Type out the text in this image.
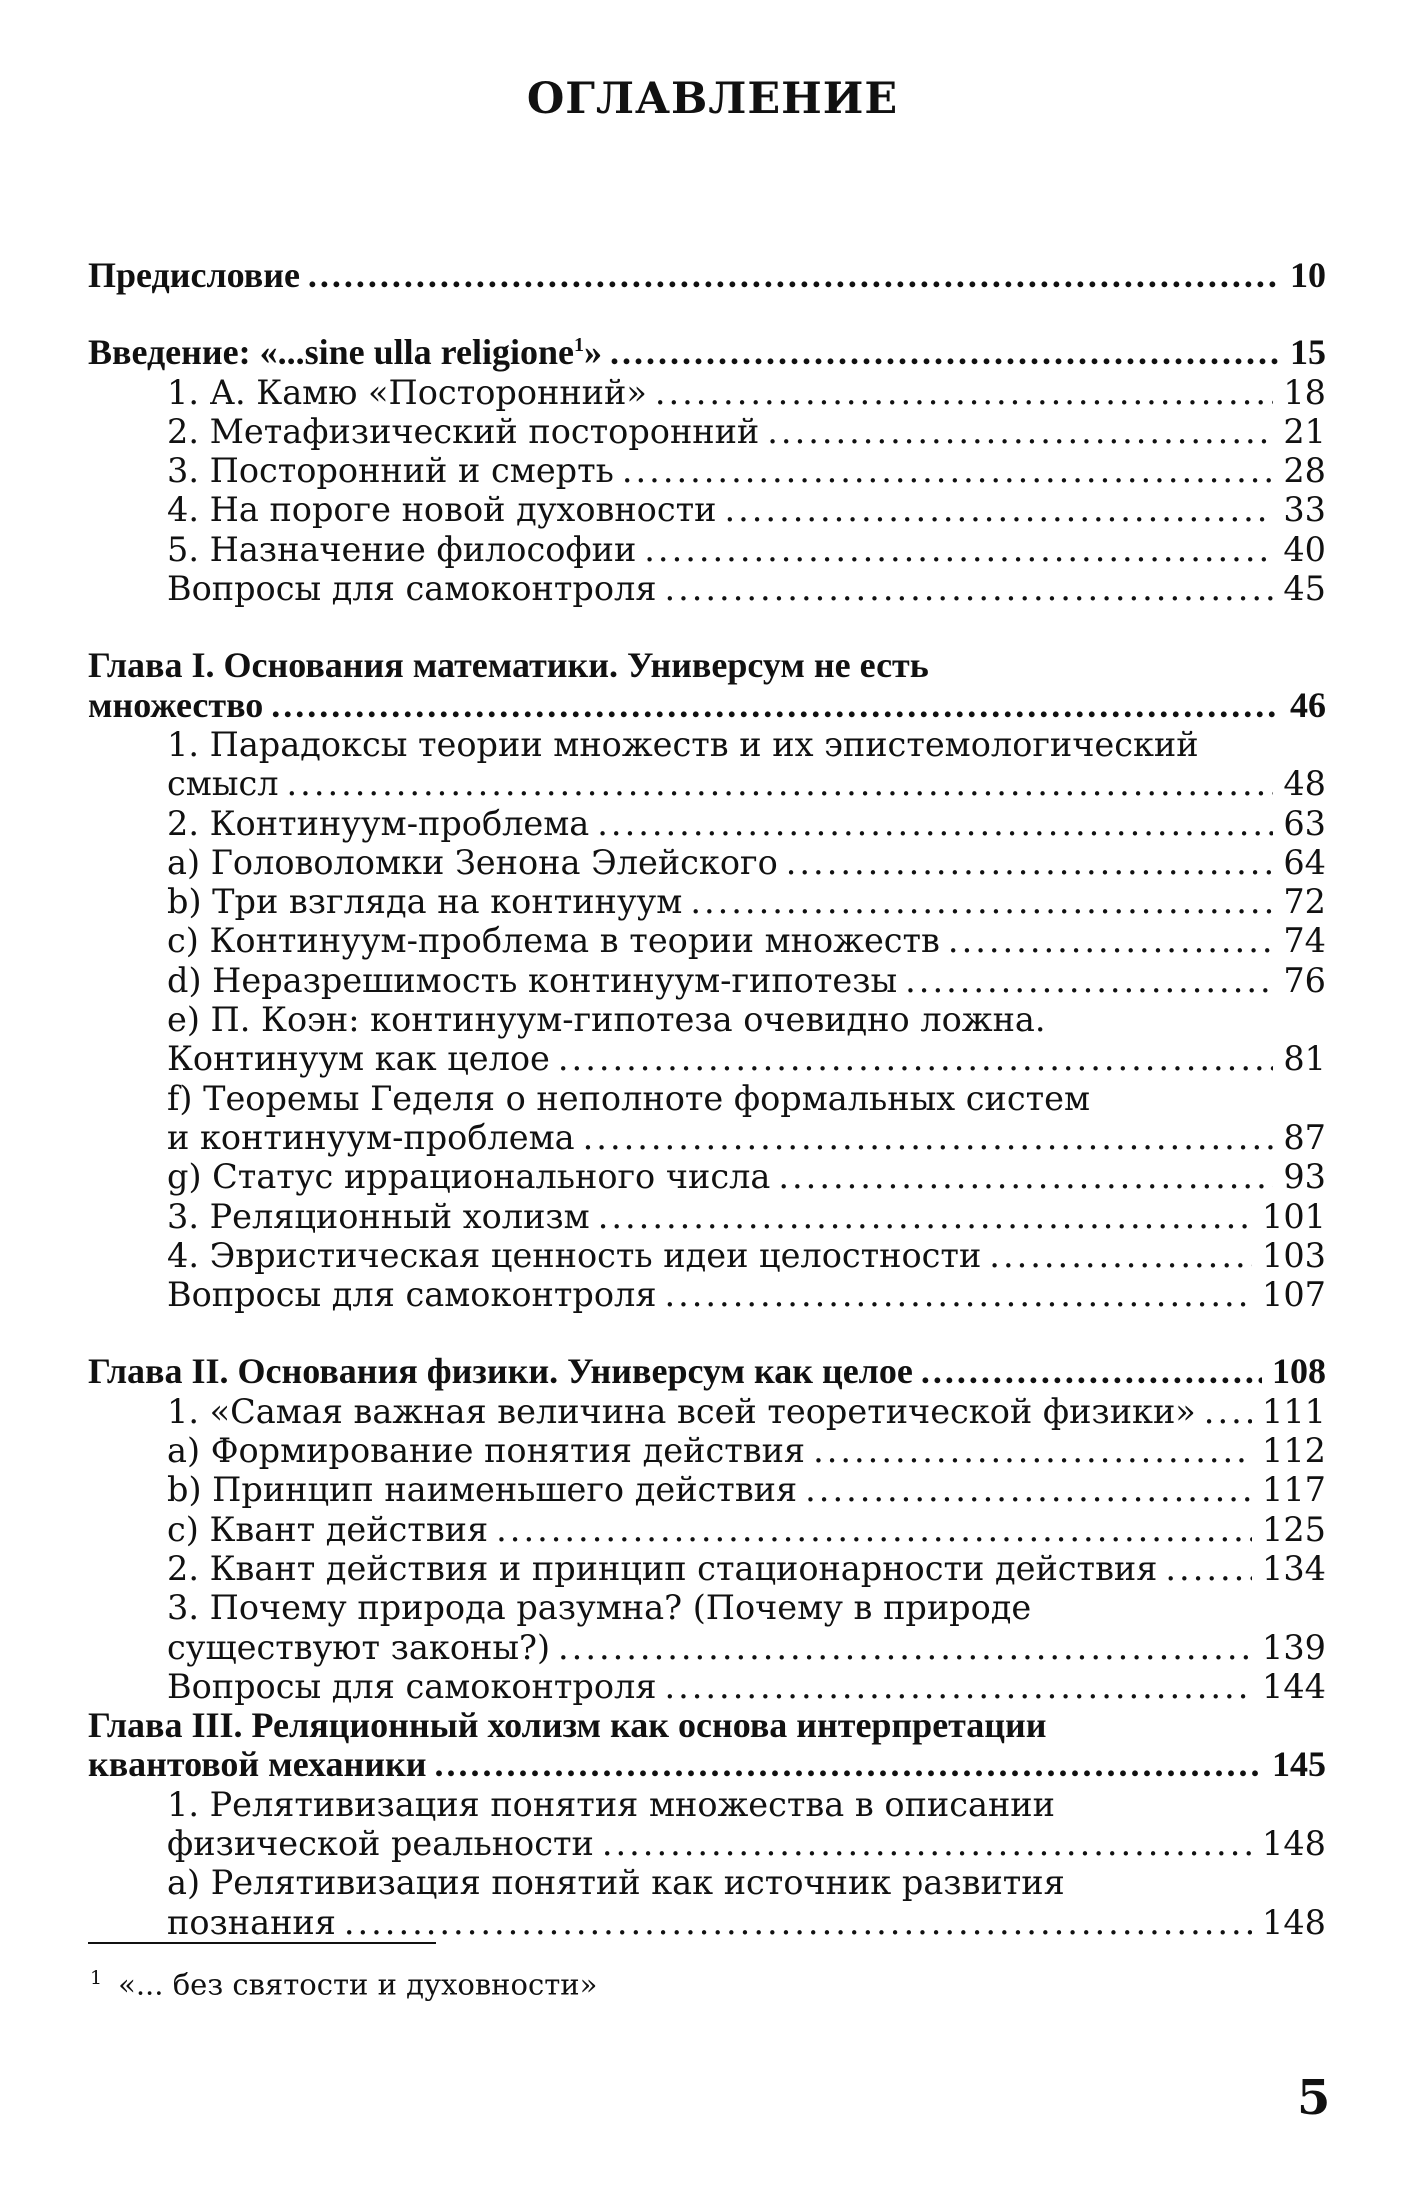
ОГЛАВЛЕНИЕ
Предисловие .....	10
Введение: «...sine ulla religione$^1$» .....	15
1. А. Камю «Посторонний» .....	18
2. Метафизический посторонний .....	21
3. Посторонний и смерть .....	28
4. На пороге новой духовности .....	33
5. Назначение философии .....	40
Вопросы для самоконтроля .....	45
Глава I. Основания математики. Универсум не есть
множество .....	46
1. Парадоксы теории множеств и их эпистемологический
смысл .....	48
2. Континуум-проблема .....	63
а) Головоломки Зенона Элейского .....	64
b) Три взгляда на континуум .....	72
с) Континуум-проблема в теории множеств .....	74
d) Неразрешимость континуум-гипотезы .....	76
е) П. Коэн: континуум-гипотеза очевидно ложна.
Континуум как целое .....	81
f) Теоремы Геделя о неполноте формальных систем
и континуум-проблема .....	87
g) Статус иррационального числа .....	93
3. Реляционный холизм .....	101
4. Эвристическая ценность идеи целостности .....	103
Вопросы для самоконтроля .....	107
Глава II. Основания физики. Универсум как целое .....	108
1. «Самая важная величина всей теоретической физики» ..... 111
а) Формирование понятия действия .....	112
b) Принцип наименьшего действия .....	117
с) Квант действия .....	125
2. Квант действия и принцип стационарности действия .....	134
3. Почему природа разумна? (Почему в природе
существуют законы?) .....	139
Вопросы для самоконтроля .....	144
Глава III. Реляционный холизм как основа интерпретации
квантовой механики .....	145
1. Релятивизация понятия множества в описании
физической реальности .....	148
а) Релятивизация понятий как источник развития
познания .....	148
$^1$ «... без святости и духовности»
5
